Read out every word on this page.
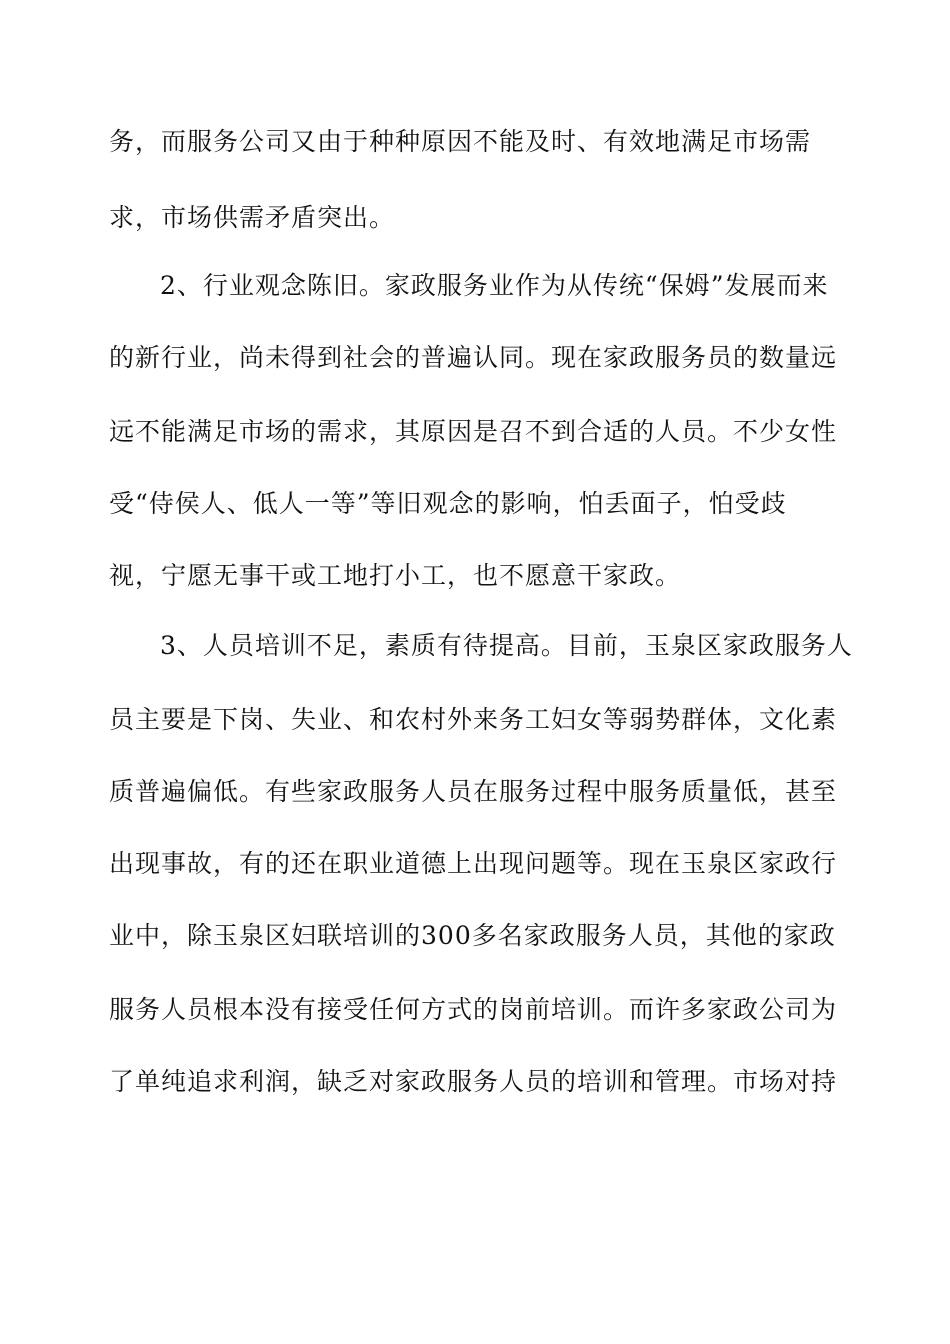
务，而服务公司又由于种种原因不能及时、有效地满足市场需
求，市场供需矛盾突出。
2、行业观念陈旧。家政服务业作为从传统“保姆”发展而来
的新行业，尚未得到社会的普遍认同。现在家政服务员的数量远
远不能满足市场的需求，其原因是召不到合适的人员。不少女性
受“侍侯人、低人一等”等旧观念的影响，怕丢面子，怕受歧
视，宁愿无事干或工地打小工，也不愿意干家政。
3、人员培训不足，素质有待提高。目前，玉泉区家政服务人
员主要是下岗、失业、和农村外来务工妇女等弱势群体，文化素
质普遍偏低。有些家政服务人员在服务过程中服务质量低，甚至
出现事故，有的还在职业道德上出现问题等。现在玉泉区家政行
业中，除玉泉区妇联培训的300多名家政服务人员，其他的家政
服务人员根本没有接受任何方式的岗前培训。而许多家政公司为
了单纯追求利润，缺乏对家政服务人员的培训和管理。市场对持
